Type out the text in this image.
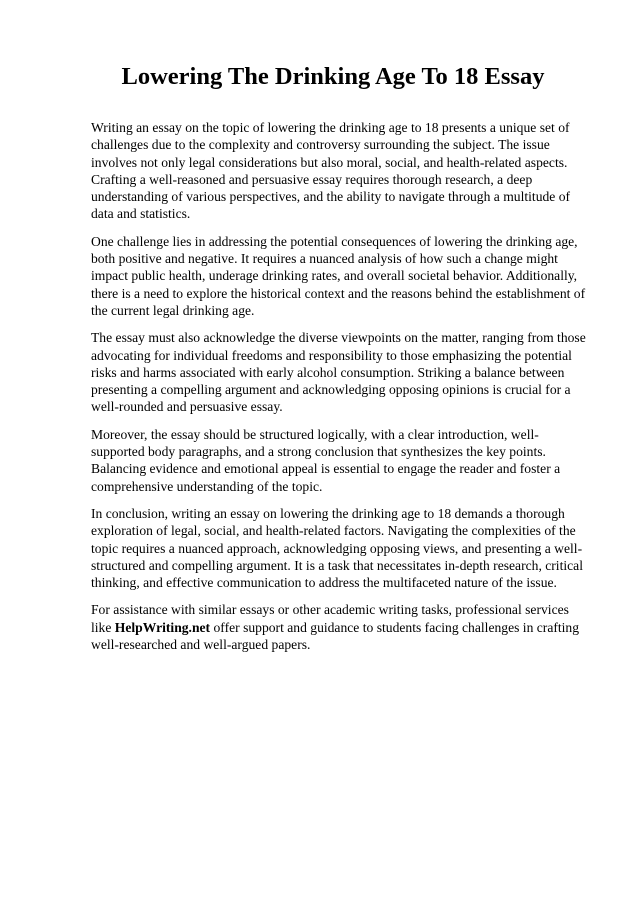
Lowering The Drinking Age To 18 Essay

Writing an essay on the topic of lowering the drinking age to 18 presents a unique set of challenges due to the complexity and controversy surrounding the subject. The issue involves not only legal considerations but also moral, social, and health-related aspects. Crafting a well-reasoned and persuasive essay requires thorough research, a deep understanding of various perspectives, and the ability to navigate through a multitude of data and statistics.

One challenge lies in addressing the potential consequences of lowering the drinking age, both positive and negative. It requires a nuanced analysis of how such a change might impact public health, underage drinking rates, and overall societal behavior. Additionally, there is a need to explore the historical context and the reasons behind the establishment of the current legal drinking age.

The essay must also acknowledge the diverse viewpoints on the matter, ranging from those advocating for individual freedoms and responsibility to those emphasizing the potential risks and harms associated with early alcohol consumption. Striking a balance between presenting a compelling argument and acknowledging opposing opinions is crucial for a well-rounded and persuasive essay.

Moreover, the essay should be structured logically, with a clear introduction, well-supported body paragraphs, and a strong conclusion that synthesizes the key points. Balancing evidence and emotional appeal is essential to engage the reader and foster a comprehensive understanding of the topic.

In conclusion, writing an essay on lowering the drinking age to 18 demands a thorough exploration of legal, social, and health-related factors. Navigating the complexities of the topic requires a nuanced approach, acknowledging opposing views, and presenting a well-structured and compelling argument. It is a task that necessitates in-depth research, critical thinking, and effective communication to address the multifaceted nature of the issue.

For assistance with similar essays or other academic writing tasks, professional services like HelpWriting.net offer support and guidance to students facing challenges in crafting well-researched and well-argued papers.
